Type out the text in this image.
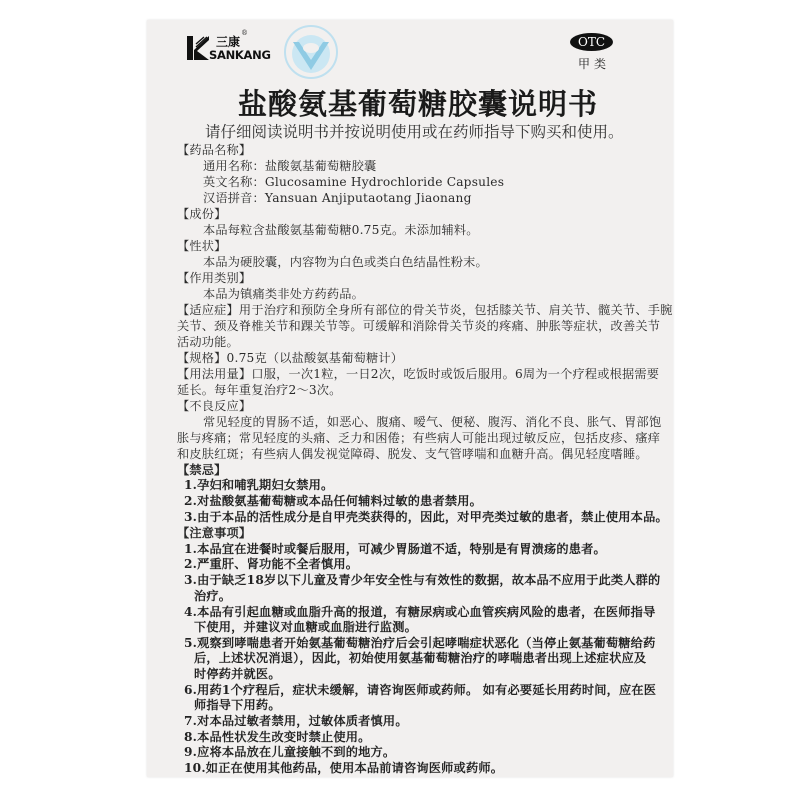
三康
®
SANKANG
OTC
甲类
盐酸氨基葡萄糖胶囊说明书
请仔细阅读说明书并按说明使用或在药师指导下购买和使用。
【药品名称】
通用名称：盐酸氨基葡萄糖胶囊
英文名称：Glucosamine Hydrochloride Capsules
汉语拼音：Yansuan Anjiputaotang Jiaonang
【成份】
本品每粒含盐酸氨基葡萄糖0.75克。未添加辅料。
【性状】
本品为硬胶囊，内容物为白色或类白色结晶性粉末。
【作用类别】
本品为镇痛类非处方药药品。
【适应症】用于治疗和预防全身所有部位的骨关节炎，包括膝关节、肩关节、髋关节、手腕
关节、颈及脊椎关节和踝关节等。可缓解和消除骨关节炎的疼痛、肿胀等症状，改善关节
活动功能。
【规格】0.75克（以盐酸氨基葡萄糖计）
【用法用量】口服，一次1粒，一日2次，吃饭时或饭后服用。6周为一个疗程或根据需要
延长。每年重复治疗2～3次。
【不良反应】
常见轻度的胃肠不适，如恶心、腹痛、嗳气、便秘、腹泻、消化不良、胀气、胃部饱
胀与疼痛；常见轻度的头痛、乏力和困倦；有些病人可能出现过敏反应，包括皮疹、瘙痒
和皮肤红斑；有些病人偶发视觉障碍、脱发、支气管哮喘和血糖升高。偶见轻度嗜睡。
【禁忌】
1.孕妇和哺乳期妇女禁用。
2.对盐酸氨基葡萄糖或本品任何辅料过敏的患者禁用。
3.由于本品的活性成分是自甲壳类获得的，因此，对甲壳类过敏的患者，禁止使用本品。
【注意事项】
1.本品宜在进餐时或餐后服用，可减少胃肠道不适，特别是有胃溃疡的患者。
2.严重肝、肾功能不全者慎用。
3.由于缺乏18岁以下儿童及青少年安全性与有效性的数据，故本品不应用于此类人群的
治疗。
4.本品有引起血糖或血脂升高的报道，有糖尿病或心血管疾病风险的患者，在医师指导
下使用，并建议对血糖或血脂进行监测。
5.观察到哮喘患者开始氨基葡萄糖治疗后会引起哮喘症状恶化（当停止氨基葡萄糖给药
后，上述状况消退），因此，初始使用氨基葡萄糖治疗的哮喘患者出现上述症状应及
时停药并就医。
6.用药1个疗程后，症状未缓解，请咨询医师或药师。 如有必要延长用药时间，应在医
师指导下用药。
7.对本品过敏者禁用，过敏体质者慎用。
8.本品性状发生改变时禁止使用。
9.应将本品放在儿童接触不到的地方。
10.如正在使用其他药品，使用本品前请咨询医师或药师。
